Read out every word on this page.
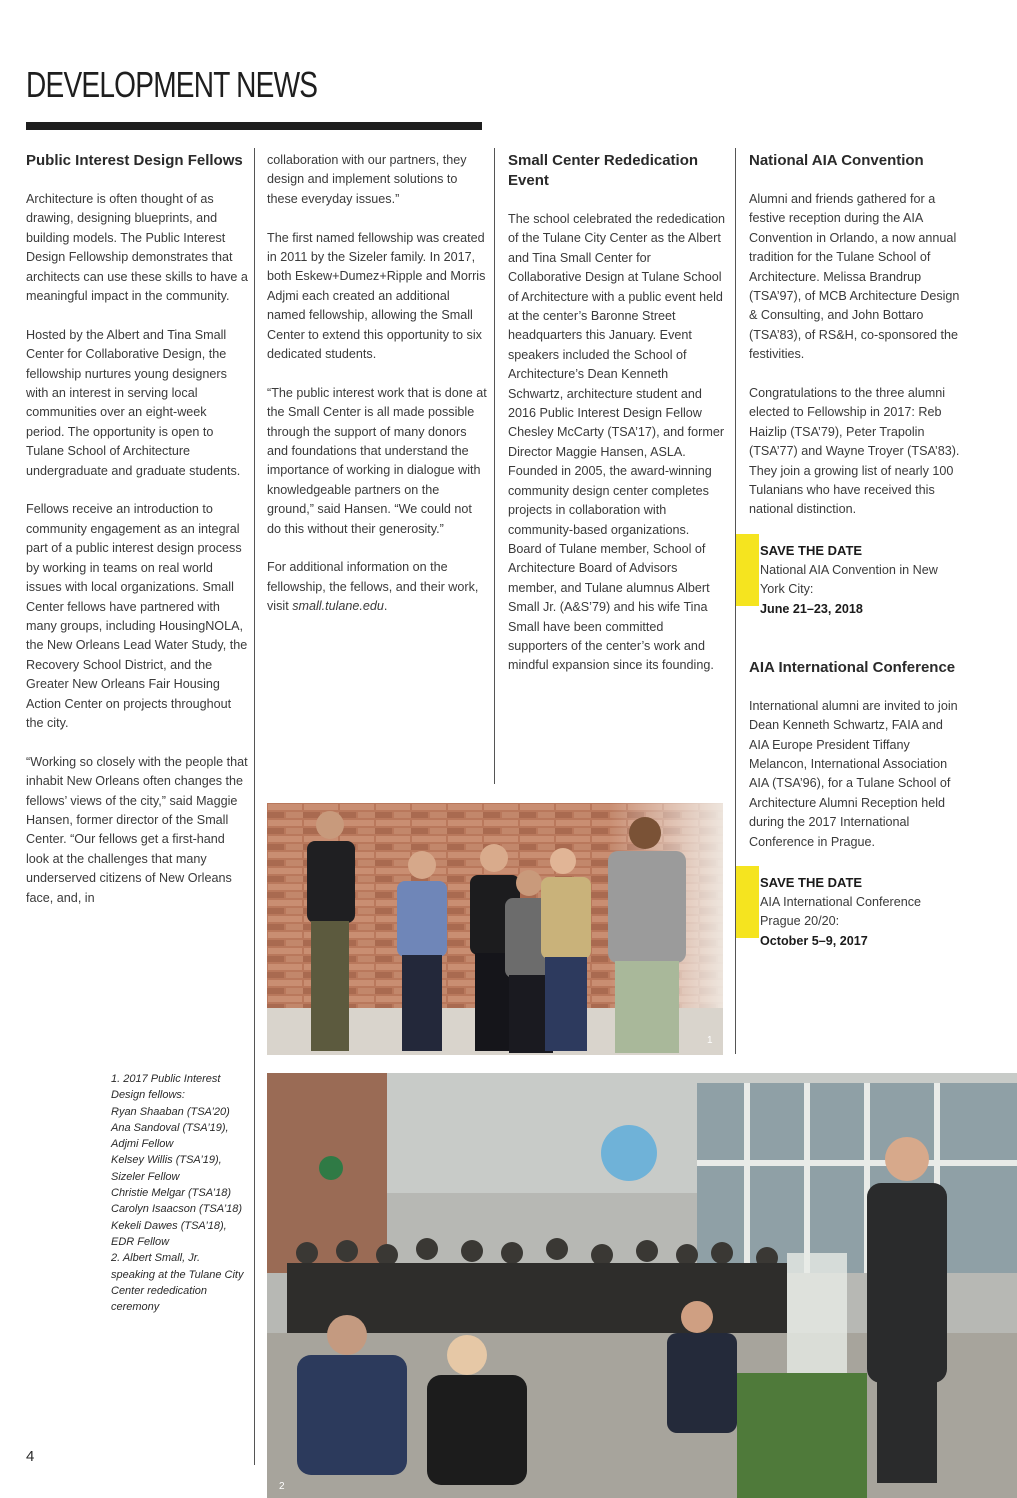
DEVELOPMENT NEWS
Public Interest Design Fellows

Architecture is often thought of as drawing, designing blueprints, and building models. The Public Interest Design Fellowship demonstrates that architects can use these skills to have a meaningful impact in the community.

Hosted by the Albert and Tina Small Center for Collaborative Design, the fellowship nurtures young designers with an interest in serving local communities over an eight-week period. The opportunity is open to Tulane School of Architecture undergraduate and graduate students.

Fellows receive an introduction to community engagement as an integral part of a public interest design process by working in teams on real world issues with local organizations. Small Center fellows have partnered with many groups, including HousingNOLA, the New Orleans Lead Water Study, the Recovery School District, and the Greater New Orleans Fair Housing Action Center on projects throughout the city.

“Working so closely with the people that inhabit New Orleans often changes the fellows’ views of the city,” said Maggie Hansen, former director of the Small Center. “Our fellows get a first-hand look at the challenges that many underserved citizens of New Orleans face, and, in

collaboration with our partners, they design and implement solutions to these everyday issues.”

The first named fellowship was created in 2011 by the Sizeler family. In 2017, both Eskew+Dumez+Ripple and Morris Adjmi each created an additional named fellowship, allowing the Small Center to extend this opportunity to six dedicated students.

“The public interest work that is done at the Small Center is all made possible through the support of many donors and foundations that understand the importance of working in dialogue with knowledgeable partners on the ground,” said Hansen. “We could not do this without their generosity.”

For additional information on the fellowship, the fellows, and their work, visit small.tulane.edu.

Small Center Rededication Event

The school celebrated the rededication of the Tulane City Center as the Albert and Tina Small Center for Collaborative Design at Tulane School of Architecture with a public event held at the center’s Baronne Street headquarters this January. Event speakers included the School of Architecture’s Dean Kenneth Schwartz, architecture student and 2016 Public Interest Design Fellow Chesley McCarty (TSA’17), and former Director Maggie Hansen, ASLA. Founded in 2005, the award-winning community design center completes projects in collaboration with community-based organizations. Board of Tulane member, School of Architecture Board of Advisors member, and Tulane alumnus Albert Small Jr. (A&S’79) and his wife Tina Small have been committed supporters of the center’s work and mindful expansion since its founding.

National AIA Convention

Alumni and friends gathered for a festive reception during the AIA Convention in Orlando, a now annual tradition for the Tulane School of Architecture. Melissa Brandrup (TSA’97), of MCB Architecture Design & Consulting, and John Bottaro (TSA’83), of RS&H, co-sponsored the festivities.

Congratulations to the three alumni elected to Fellowship in 2017: Reb Haizlip (TSA’79), Peter Trapolin (TSA’77) and Wayne Troyer (TSA’83). They join a growing list of nearly 100 Tulanians who have received this national distinction.

SAVE THE DATE
National AIA Convention in New York City:
June 21–23, 2018
AIA International Conference

International alumni are invited to join Dean Kenneth Schwartz, FAIA and AIA Europe President Tiffany Melancon, International Association AIA (TSA’96), for a Tulane School of Architecture Alumni Reception held during the 2017 International Conference in Prague.

SAVE THE DATE
AIA International Conference Prague 20/20:
October 5–9, 2017
1
2
1. 2017 Public Interest Design fellows:
Ryan Shaaban (TSA’20)
Ana Sandoval (TSA’19), Adjmi Fellow
Kelsey Willis (TSA’19), Sizeler Fellow
Christie Melgar (TSA’18)
Carolyn Isaacson (TSA’18)
Kekeli Dawes (TSA’18), EDR Fellow
2. Albert Small, Jr. speaking at the Tulane City Center rededication ceremony
4
